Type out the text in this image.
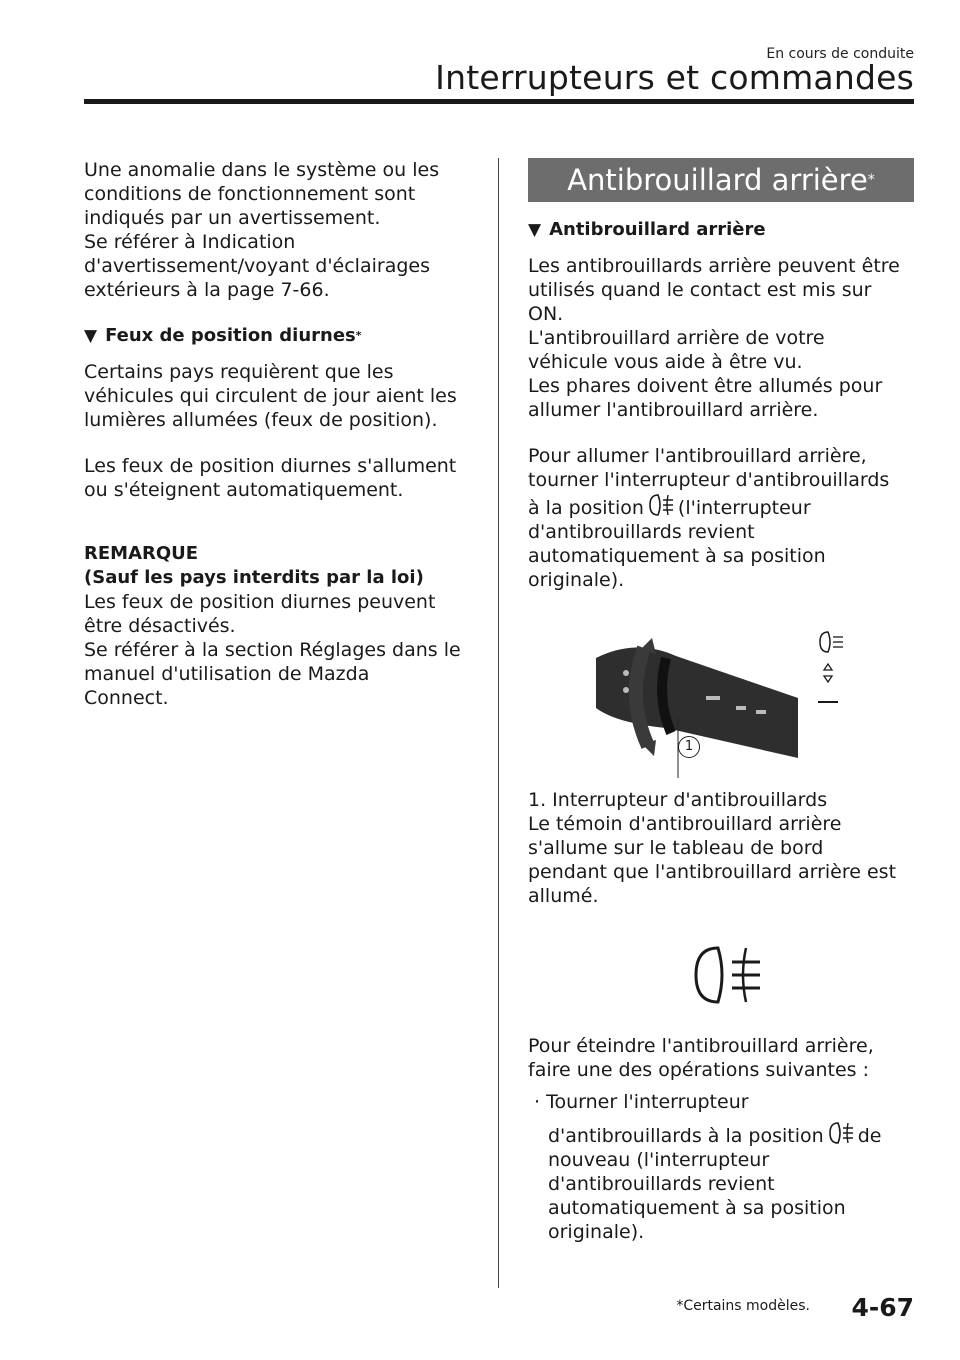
En cours de conduite
Interrupteurs et commandes

Une anomalie dans le système ou les
conditions de fonctionnement sont
indiqués par un avertissement.
Se référer à Indication
d'avertissement/voyant d'éclairages
extérieurs à la page 7-66.

▼ Feux de position diurnes *

Certains pays requièrent que les
véhicules qui circulent de jour aient les
lumières allumées (feux de position).

Les feux de position diurnes s'allument
ou s'éteignent automatiquement.

REMARQUE
(Sauf les pays interdits par la loi)

Les feux de position diurnes peuvent
être désactivés.
Se référer à la section Réglages dans le
manuel d'utilisation de Mazda
Connect.

Antibrouillard arrière *
▼ Antibrouillard arrière

Les antibrouillards arrière peuvent être
utilisés quand le contact est mis sur
ON.
L'antibrouillard arrière de votre
véhicule vous aide à être vu.
Les phares doivent être allumés pour
allumer l'antibrouillard arrière.

Pour allumer l'antibrouillard arrière,
tourner l'interrupteur d'antibrouillards
à la position (l'interrupteur
d'antibrouillards revient
automatiquement à sa position
originale).

1
1. Interrupteur d'antibrouillards

Le témoin d'antibrouillard arrière
s'allume sur le tableau de bord
pendant que l'antibrouillard arrière est
allumé.

Pour éteindre l'antibrouillard arrière,
faire une des opérations suivantes :

· Tourner l'interrupteur
d'antibrouillards à la position de
nouveau (l'interrupteur
d'antibrouillards revient
automatiquement à sa position
originale).
*Certains modèles. 4-67
